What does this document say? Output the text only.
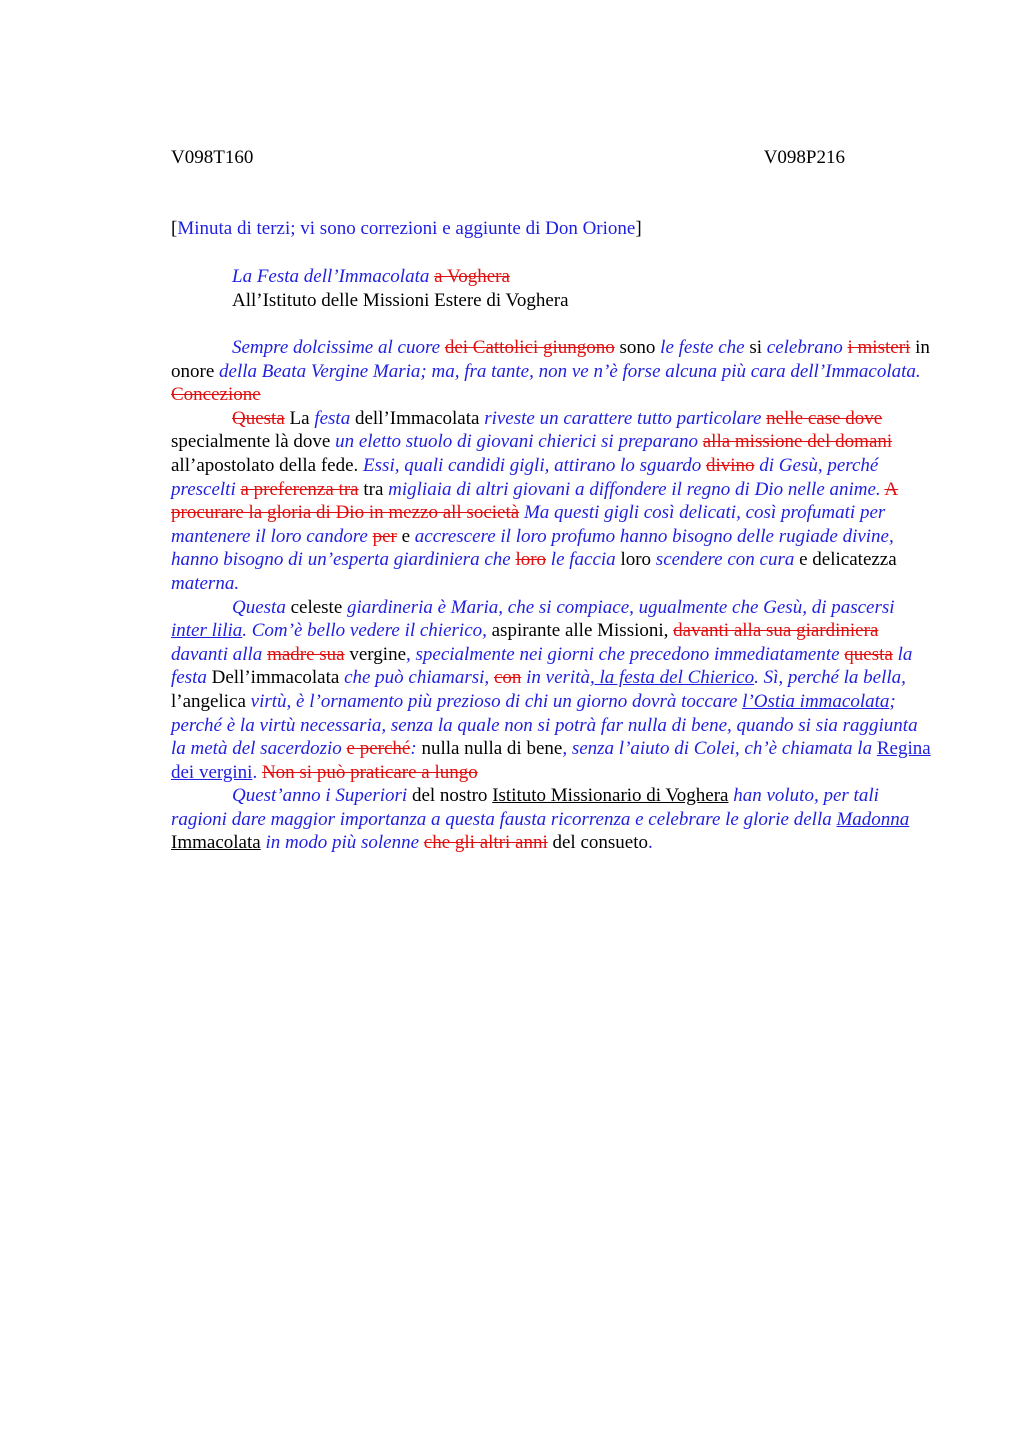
V098T160	V098P216
[Minuta di terzi; vi sono correzioni e aggiunte di Don Orione]
La Festa dell’Immacolata a Voghera
All’Istituto delle Missioni Estere di Voghera

Sempre dolcissime al cuore dei Cattolici giungono sono le feste che si celebrano i misteri in onore della Beata Vergine Maria; ma, fra tante, non ve n’è forse alcuna più cara dell’Immacolata. Concezione

Questa La festa dell’Immacolata riveste un carattere tutto particolare nelle case dove specialmente là dove un eletto stuolo di giovani chierici si preparano alla missione del domani all’apostolato della fede. Essi, quali candidi gigli, attirano lo sguardo divino di Gesù, perché prescelti a preferenza tra tra migliaia di altri giovani a diffondere il regno di Dio nelle anime. A procurare la gloria di Dio in mezzo all società Ma questi gigli così delicati, così profumati per mantenere il loro candore per e accrescere il loro profumo hanno bisogno delle rugiade divine, hanno bisogno di un’esperta giardiniera che loro le faccia loro scendere con cura e delicatezza materna.

Questa celeste giardineria è Maria, che si compiace, ugualmente che Gesù, di pascersi inter lilia. Com’è bello vedere il chierico, aspirante alle Missioni, davanti alla sua giardiniera davanti alla madre sua vergine, specialmente nei giorni che precedono immediatamente questa la festa Dell’immacolata che può chiamarsi, con in verità, la festa del Chierico. Sì, perché la bella, l’angelica virtù, è l’ornamento più prezioso di chi un giorno dovrà toccare l’Ostia immacolata; perché è la virtù necessaria, senza la quale non si potrà far nulla di bene, quando si sia raggiunta la metà del sacerdozio e perché: nulla nulla di bene, senza l’aiuto di Colei, ch’è chiamata la Regina dei vergini. Non si può praticare a lungo

Quest’anno i Superiori del nostro Istituto Missionario di Voghera han voluto, per tali ragioni dare maggior importanza a questa fausta ricorrenza e celebrare le glorie della Madonna Immacolata in modo più solenne che gli altri anni del consueto.
